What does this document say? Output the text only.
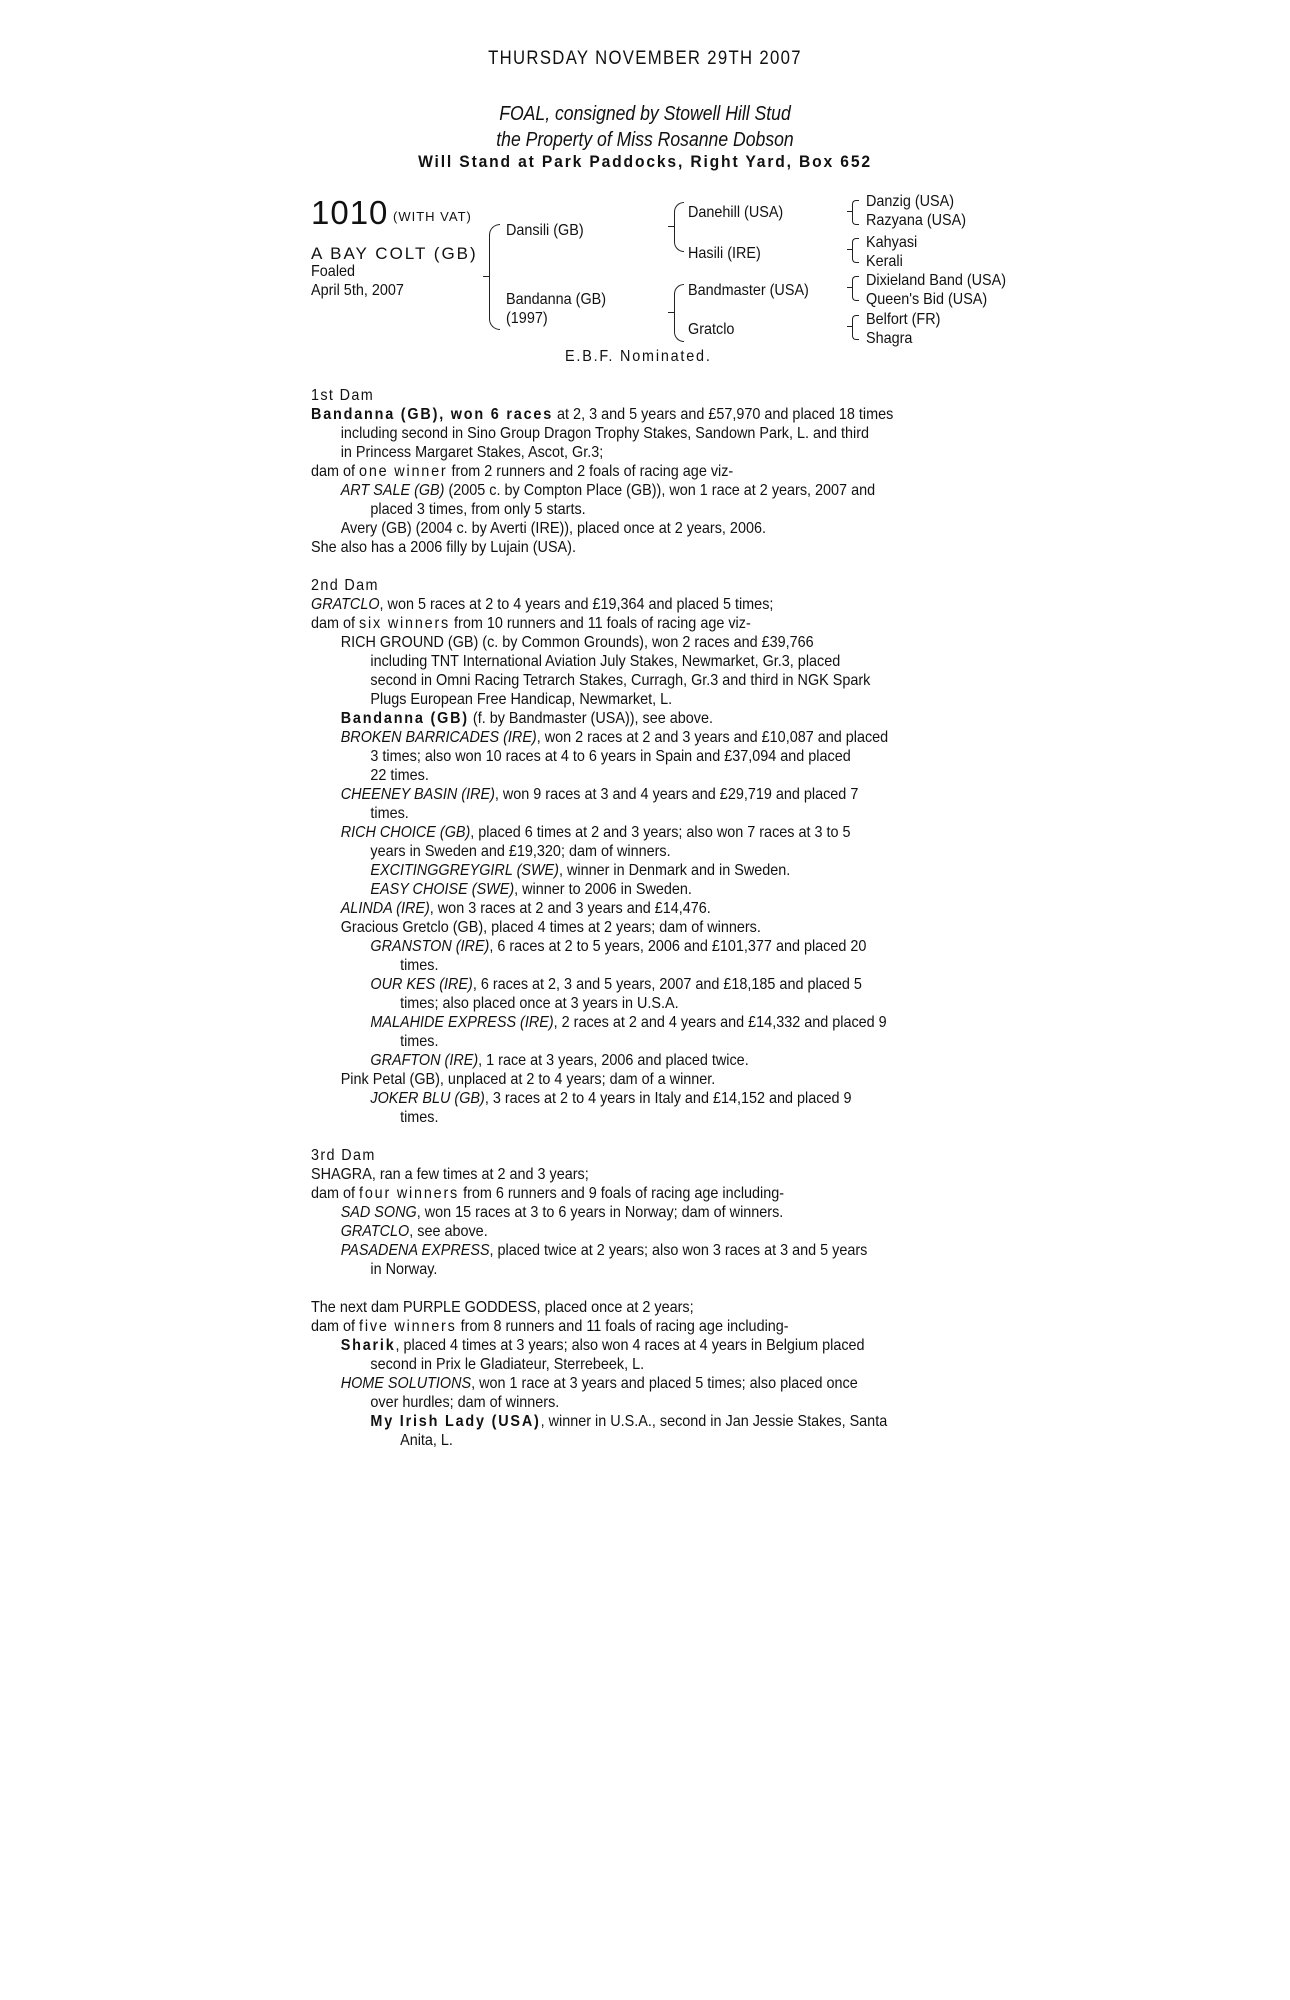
THURSDAY NOVEMBER 29TH 2007
FOAL, consigned by Stowell Hill Stud
the Property of Miss Rosanne Dobson
Will Stand at Park Paddocks, Right Yard, Box 652
1010 (WITH VAT)
A BAY COLT (GB)
Foaled
April 5th, 2007
Dansili (GB)
Bandanna (GB)
(1997)
Danehill (USA)
Hasili (IRE)
Bandmaster (USA)
Gratclo
Danzig (USA)
Razyana (USA)
Kahyasi
Kerali
Dixieland Band (USA)
Queen's Bid (USA)
Belfort (FR)
Shagra
E.B.F. Nominated.
1st Dam
Bandanna (GB), won 6 races at 2, 3 and 5 years and £57,970 and placed 18 times
including second in Sino Group Dragon Trophy Stakes, Sandown Park, L. and third
in Princess Margaret Stakes, Ascot, Gr.3;
dam of one winner from 2 runners and 2 foals of racing age viz-
ART SALE (GB) (2005 c. by Compton Place (GB)), won 1 race at 2 years, 2007 and
placed 3 times, from only 5 starts.
Avery (GB) (2004 c. by Averti (IRE)), placed once at 2 years, 2006.
She also has a 2006 filly by Lujain (USA).
2nd Dam
GRATCLO, won 5 races at 2 to 4 years and £19,364 and placed 5 times;
dam of six winners from 10 runners and 11 foals of racing age viz-
RICH GROUND (GB) (c. by Common Grounds), won 2 races and £39,766
including TNT International Aviation July Stakes, Newmarket, Gr.3, placed
second in Omni Racing Tetrarch Stakes, Curragh, Gr.3 and third in NGK Spark
Plugs European Free Handicap, Newmarket, L.
Bandanna (GB) (f. by Bandmaster (USA)), see above.
BROKEN BARRICADES (IRE), won 2 races at 2 and 3 years and £10,087 and placed
3 times; also won 10 races at 4 to 6 years in Spain and £37,094 and placed
22 times.
CHEENEY BASIN (IRE), won 9 races at 3 and 4 years and £29,719 and placed 7
times.
RICH CHOICE (GB), placed 6 times at 2 and 3 years; also won 7 races at 3 to 5
years in Sweden and £19,320; dam of winners.
EXCITINGGREYGIRL (SWE), winner in Denmark and in Sweden.
EASY CHOISE (SWE), winner to 2006 in Sweden.
ALINDA (IRE), won 3 races at 2 and 3 years and £14,476.
Gracious Gretclo (GB), placed 4 times at 2 years; dam of winners.
GRANSTON (IRE), 6 races at 2 to 5 years, 2006 and £101,377 and placed 20
times.
OUR KES (IRE), 6 races at 2, 3 and 5 years, 2007 and £18,185 and placed 5
times; also placed once at 3 years in U.S.A.
MALAHIDE EXPRESS (IRE), 2 races at 2 and 4 years and £14,332 and placed 9
times.
GRAFTON (IRE), 1 race at 3 years, 2006 and placed twice.
Pink Petal (GB), unplaced at 2 to 4 years; dam of a winner.
JOKER BLU (GB), 3 races at 2 to 4 years in Italy and £14,152 and placed 9
times.
3rd Dam
SHAGRA, ran a few times at 2 and 3 years;
dam of four winners from 6 runners and 9 foals of racing age including-
SAD SONG, won 15 races at 3 to 6 years in Norway; dam of winners.
GRATCLO, see above.
PASADENA EXPRESS, placed twice at 2 years; also won 3 races at 3 and 5 years
in Norway.
The next dam PURPLE GODDESS, placed once at 2 years;
dam of five winners from 8 runners and 11 foals of racing age including-
Sharik, placed 4 times at 3 years; also won 4 races at 4 years in Belgium placed
second in Prix le Gladiateur, Sterrebeek, L.
HOME SOLUTIONS, won 1 race at 3 years and placed 5 times; also placed once
over hurdles; dam of winners.
My Irish Lady (USA), winner in U.S.A., second in Jan Jessie Stakes, Santa
Anita, L.
